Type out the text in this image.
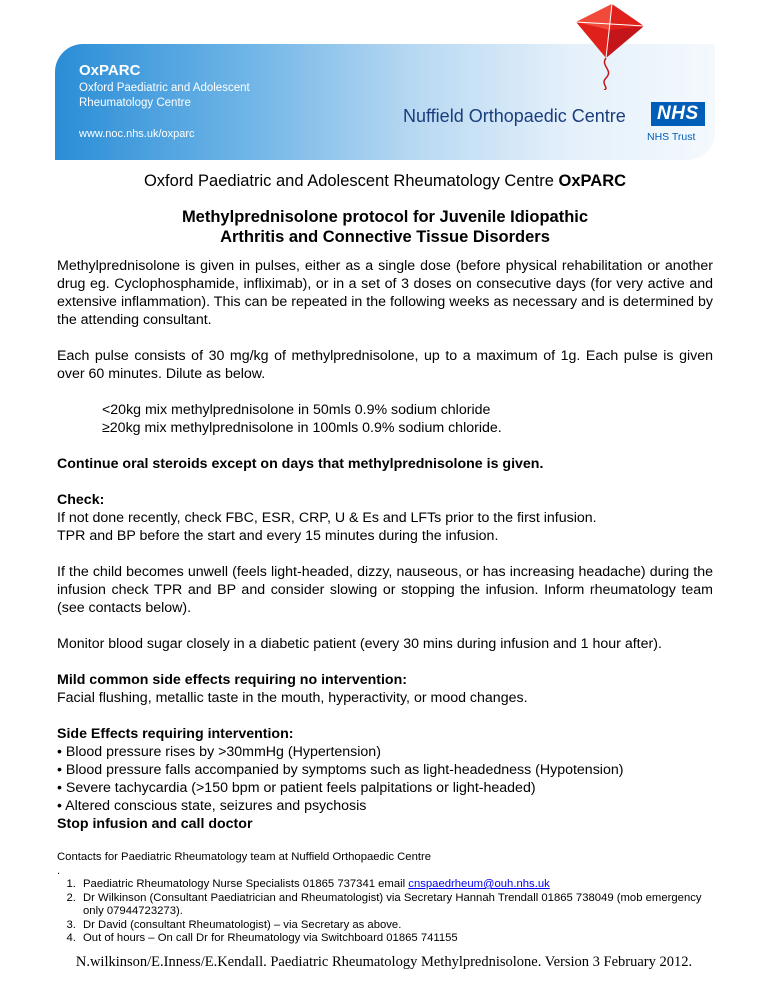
OxPARC
Oxford Paediatric and Adolescent
Rheumatology Centre
www.noc.nhs.uk/oxparc
Nuffield Orthopaedic Centre	NHS
NHS Trust
Oxford Paediatric and Adolescent Rheumatology Centre OxPARC
Methylprednisolone protocol for Juvenile Idiopathic
Arthritis and Connective Tissue Disorders

Methylprednisolone is given in pulses, either as a single dose (before physical rehabilitation or another drug eg. Cyclophosphamide, infliximab), or in a set of 3 doses on consecutive days (for very active and extensive inflammation). This can be repeated in the following weeks as necessary and is determined by the attending consultant.

Each pulse consists of 30 mg/kg of methylprednisolone, up to a maximum of 1g. Each pulse is given over 60 minutes. Dilute as below.

<20kg mix methylprednisolone in 50mls 0.9% sodium chloride
≥20kg mix methylprednisolone in 100mls 0.9% sodium chloride.

Continue oral steroids except on days that methylprednisolone is given.

Check:
If not done recently, check FBC, ESR, CRP, U & Es and LFTs prior to the first infusion.
TPR and BP before the start and every 15 minutes during the infusion.

If the child becomes unwell (feels light-headed, dizzy, nauseous, or has increasing headache) during the infusion check TPR and BP and consider slowing or stopping the infusion. Inform rheumatology team (see contacts below).

Monitor blood sugar closely in a diabetic patient (every 30 mins during infusion and 1 hour after).

Mild common side effects requiring no intervention:
Facial flushing, metallic taste in the mouth, hyperactivity, or mood changes.
Side Effects requiring intervention:
• Blood pressure rises by >30mmHg (Hypertension)
• Blood pressure falls accompanied by symptoms such as light-headedness (Hypotension)
• Severe tachycardia (>150 bpm or patient feels palpitations or light-headed)
• Altered conscious state, seizures and psychosis
Stop infusion and call doctor
Contacts for Paediatric Rheumatology team at Nuffield Orthopaedic Centre
.
1. Paediatric Rheumatology Nurse Specialists 01865 737341 email cnspaedrheum@ouh.nhs.uk
2. Dr Wilkinson (Consultant Paediatrician and Rheumatologist) via Secretary Hannah Trendall 01865 738049 (mob emergency only 07944723273).
3. Dr David (consultant Rheumatologist) – via Secretary as above.
4. Out of hours – On call Dr for Rheumatology via Switchboard 01865 741155
N.wilkinson/E.Inness/E.Kendall. Paediatric Rheumatology Methylprednisolone. Version 3 February 2012.
